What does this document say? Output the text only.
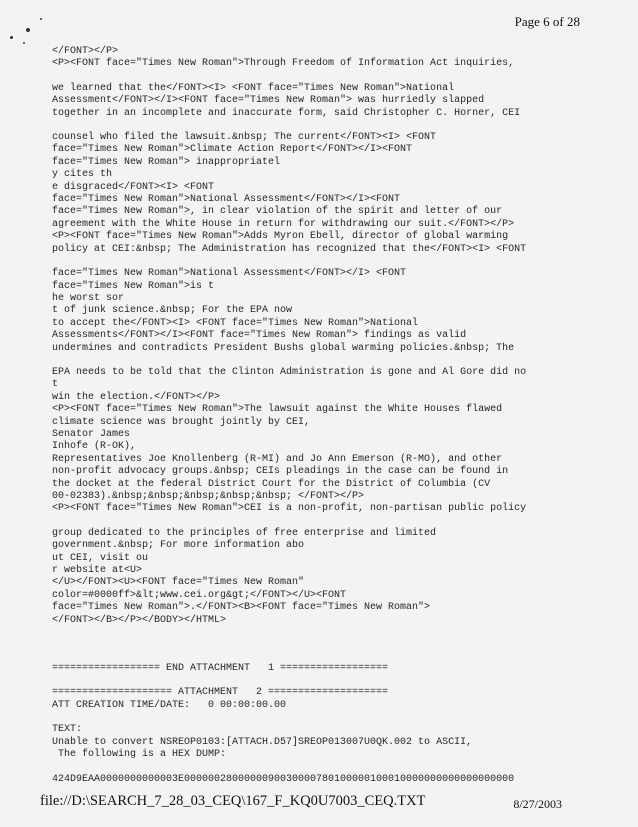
Page 6 of 28
</FONT></P>
<P><FONT face="Times New Roman">Through Freedom of Information Act inquiries,
we learned that the</FONT><I> <FONT face="Times New Roman">National
Assessment</FONT></I><FONT face="Times New Roman"> was hurriedly slapped
together in an incomplete and inaccurate form, said Christopher C. Horner, CEI
counsel who filed the lawsuit.&nbsp; The current</FONT><I> <FONT
face="Times New Roman">Climate Action Report</FONT></I><FONT
face="Times New Roman"> inappropriatel
y cites th
e disgraced</FONT><I> <FONT
face="Times New Roman">National Assessment</FONT></I><FONT
face="Times New Roman">, in clear violation of the spirit and letter of our
agreement with the White House in return for withdrawing our suit.</FONT></P>
<P><FONT face="Times New Roman">Adds Myron Ebell, director of global warming
policy at CEI:&nbsp; The Administration has recognized that the</FONT><I> <FONT
face="Times New Roman">National Assessment</FONT></I> <FONT
face="Times New Roman">is t
he worst sor
t of junk science.&nbsp; For the EPA now
to accept the</FONT><I> <FONT face="Times New Roman">National
Assessments</FONT></I><FONT face="Times New Roman"> findings as valid
undermines and contradicts President Bushs global warming policies.&nbsp; The
EPA needs to be told that the Clinton Administration is gone and Al Gore did no
t
win the election.</FONT></P>
<P><FONT face="Times New Roman">The lawsuit against the White Houses flawed
climate science was brought jointly by CEI,
Senator James
Inhofe (R-OK),
Representatives Joe Knollenberg (R-MI) and Jo Ann Emerson (R-MO), and other
non-profit advocacy groups.&nbsp; CEIs pleadings in the case can be found in
the docket at the federal District Court for the District of Columbia (CV
00-02383).&nbsp;&nbsp;&nbsp;&nbsp;&nbsp; </FONT></P>
<P><FONT face="Times New Roman">CEI is a non-profit, non-partisan public policy
group dedicated to the principles of free enterprise and limited
government.&nbsp; For more information abo
ut CEI, visit ou
r website at<U>
</U></FONT><U><FONT face="Times New Roman"
color=#0000ff>&lt;www.cei.org&gt;</FONT></U><FONT
face="Times New Roman">.</FONT><B><FONT face="Times New Roman">
</FONT></B></P></BODY></HTML>
================== END ATTACHMENT   1 ==================
==================== ATTACHMENT   2 ====================
ATT CREATION TIME/DATE:   0 00:00:00.00
TEXT:
Unable to convert NSREOP0103:[ATTACH.D57]SREOP013007U0QK.002 to ASCII,
The following is a HEX DUMP:
424D9EAA0000000000003E0000002800000090030000780100000100010000000000000000000
file://D:\SEARCH_7_28_03_CEQ\167_F_KQ0U7003_CEQ.TXT	8/27/2003
